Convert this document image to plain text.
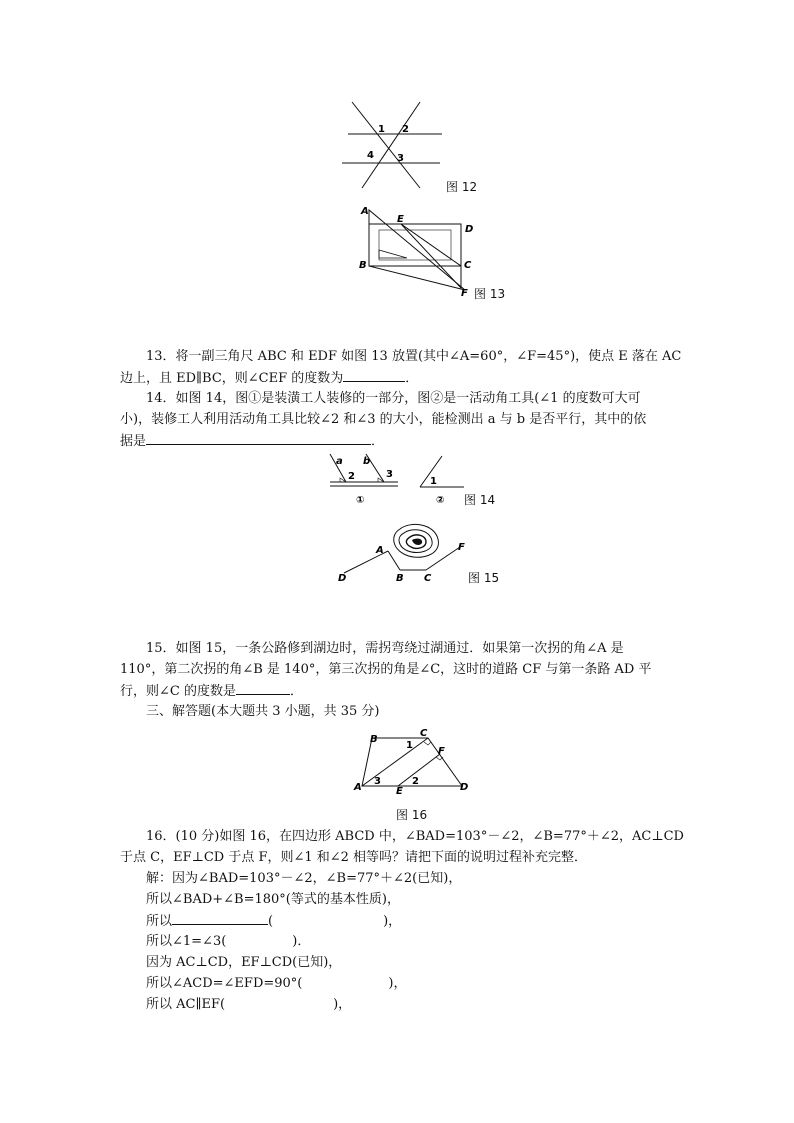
1 2
3
4
图 12
A
E
D
B	C
F 图 13
13．将一副三角尺 ABC 和 EDF 如图 13 放置(其中∠A=60°，∠F=45°)，使点 E 落在 AC
边上，且 ED∥BC，则∠CEF 的度数为	．
14．如图 14，图①是装潢工人装修的一部分，图②是一活动角工具(∠1 的度数可大可
小)，装修工人利用活动角工具比较∠2 和∠3 的大小，能检测出 a 与 b 是否平行，其中的依
据是	．
a b
2	3
①
1
② 图 14
A
B C
D
F
图 15
15．如图 15，一条公路修到湖边时，需拐弯绕过湖通过．如果第一次拐的角∠A 是
110°，第二次拐的角∠B 是 140°，第三次拐的角是∠C，这时的道路 CF 与第一条路 AD 平
行，则∠C 的度数是	．
三、解答题(本大题共 3 小题，共 35 分)
B
C
F
A	E	D
1
2
3
图 16
16．(10 分)如图 16，在四边形 ABCD 中，∠BAD=103°－∠2，∠B=77°＋∠2，AC⊥CD
于点 C，EF⊥CD 于点 F，则∠1 和∠2 相等吗？请把下面的说明过程补充完整．
解：因为∠BAD=103°－∠2，∠B=77°＋∠2(已知)，
所以∠BAD+∠B=180°(等式的基本性质)，
所以	(	)，
所以∠1=∠3(	)．
因为 AC⊥CD，EF⊥CD(已知)，
所以∠ACD=∠EFD=90°(	)，
所以 AC∥EF(	)，
